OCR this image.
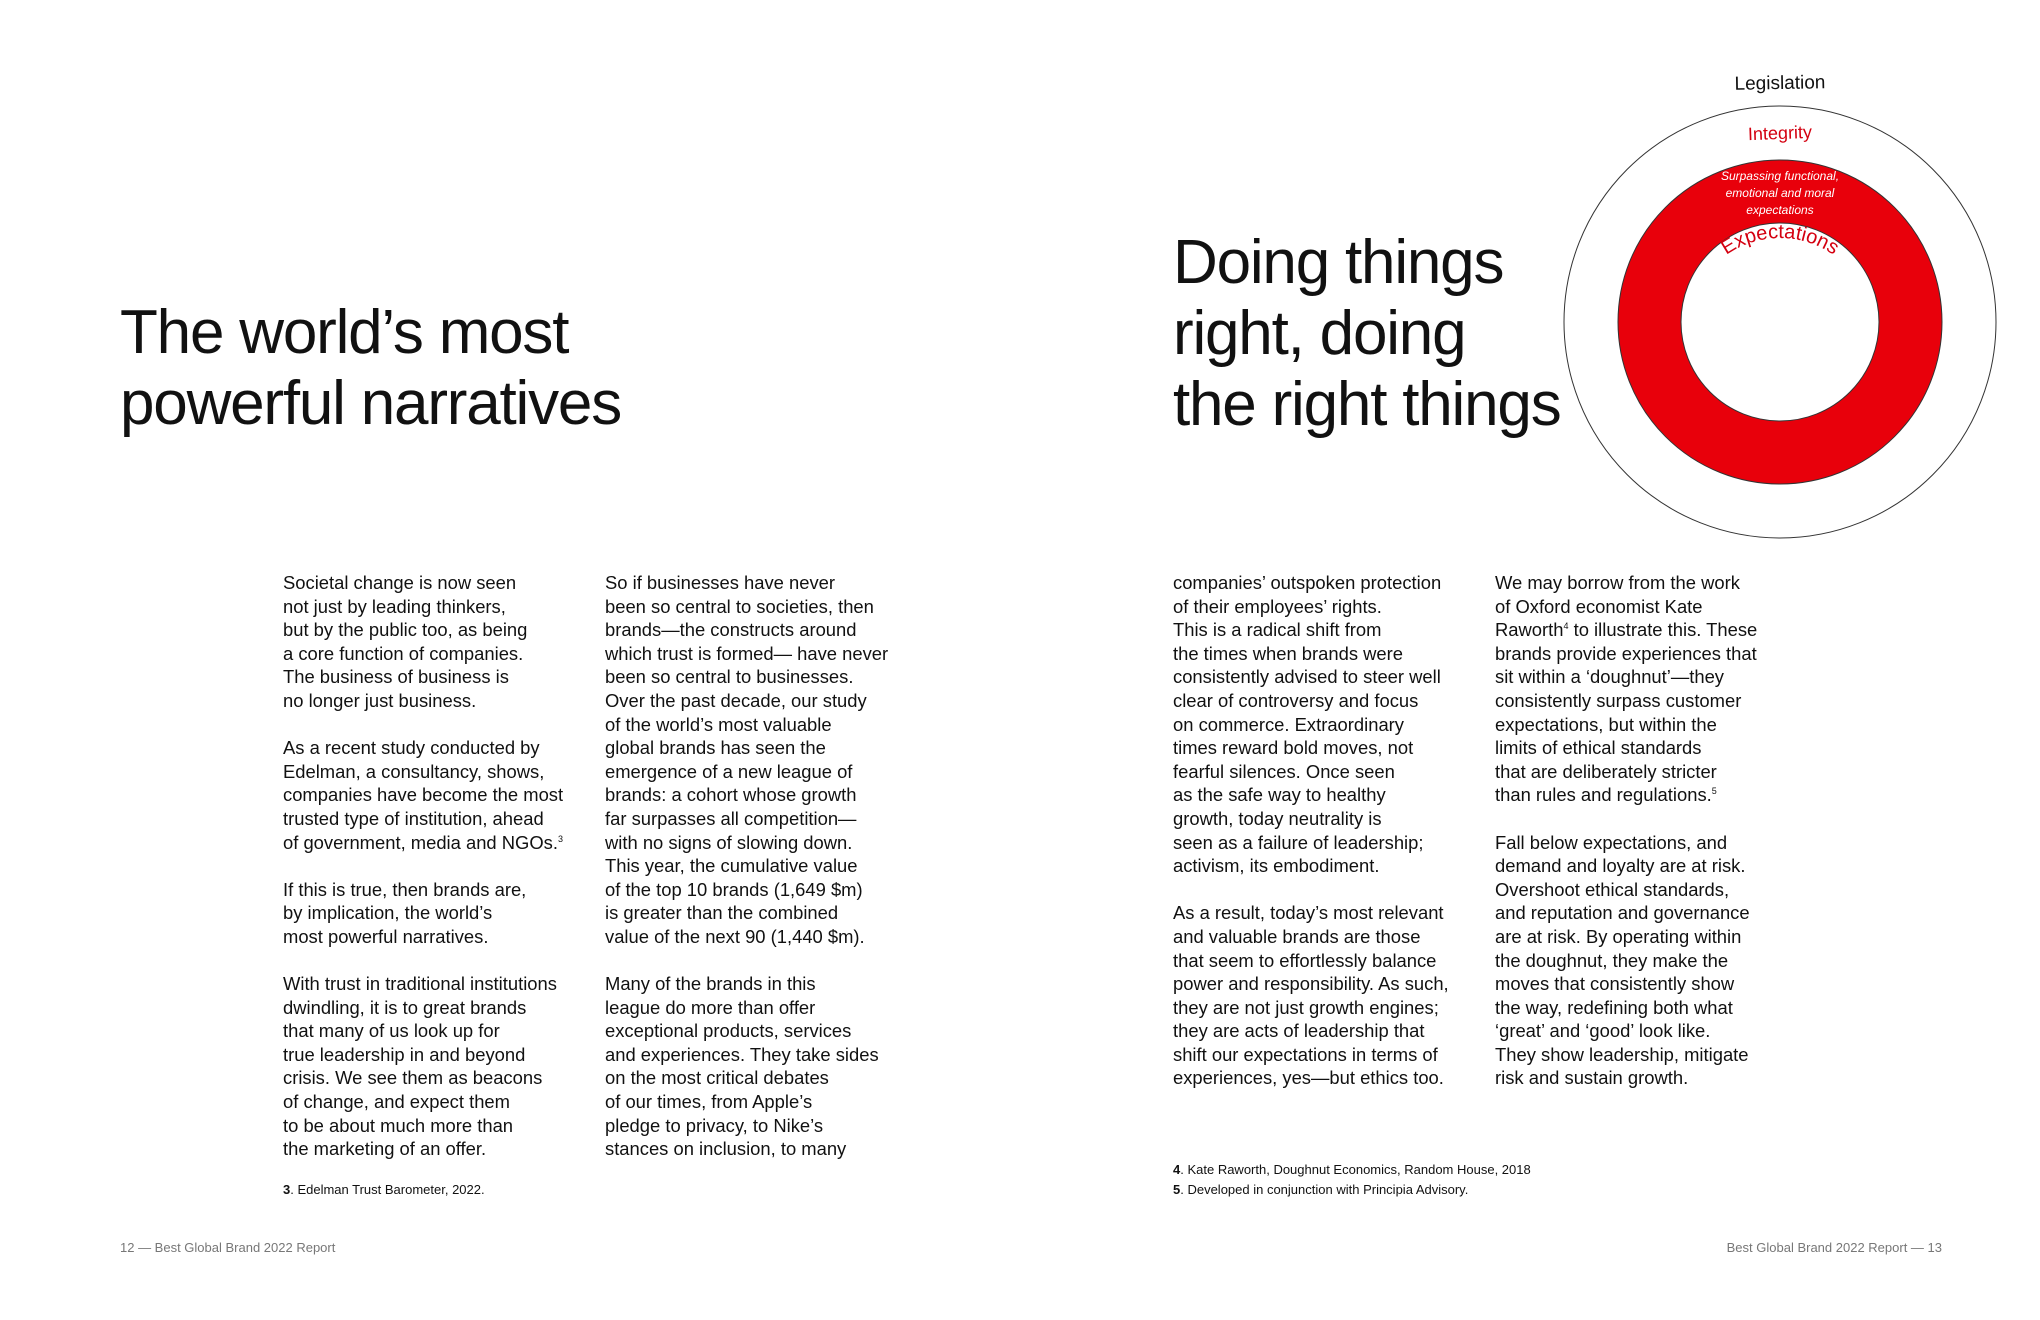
The world’s most
powerful narratives

Societal change is now seen
not just by leading thinkers,
but by the public too, as being
a core function of companies.
The business of business is
no longer just business.

As a recent study conducted by
Edelman, a consultancy, shows,
companies have become the most
trusted type of institution, ahead
of government, media and NGOs.$^3$

If this is true, then brands are,
by implication, the world’s
most powerful narratives.

With trust in traditional institutions
dwindling, it is to great brands
that many of us look up for
true leadership in and beyond
crisis. We see them as beacons
of change, and expect them
to be about much more than
the marketing of an offer.

So if businesses have never
been so central to societies, then
brands—the constructs around
which trust is formed— have never
been so central to businesses.
Over the past decade, our study
of the world’s most valuable
global brands has seen the
emergence of a new league of
brands: a cohort whose growth
far surpasses all competition—
with no signs of slowing down.
This year, the cumulative value
of the top 10 brands (1,649 $m)
is greater than the combined
value of the next 90 (1,440 $m).

Many of the brands in this
league do more than offer
exceptional products, services
and experiences. They take sides
on the most critical debates
of our times, from Apple’s
pledge to privacy, to Nike’s
stances on inclusion, to many

3. Edelman Trust Barometer, 2022.
12 — Best Global Brand 2022 Report
Doing things
right, doing
the right things

companies’ outspoken protection
of their employees’ rights.
This is a radical shift from
the times when brands were
consistently advised to steer well
clear of controversy and focus
on commerce. Extraordinary
times reward bold moves, not
fearful silences. Once seen
as the safe way to healthy
growth, today neutrality is
seen as a failure of leadership;
activism, its embodiment.

As a result, today’s most relevant
and valuable brands are those
that seem to effortlessly balance
power and responsibility. As such,
they are not just growth engines;
they are acts of leadership that
shift our expectations in terms of
experiences, yes—but ethics too.

We may borrow from the work
of Oxford economist Kate
Raworth$^4$ to illustrate this. These
brands provide experiences that
sit within a ‘doughnut’—they
consistently surpass customer
expectations, but within the
limits of ethical standards
that are deliberately stricter
than rules and regulations.$^5$

Fall below expectations, and
demand and loyalty are at risk.
Overshoot ethical standards,
and reputation and governance
are at risk. By operating within
the doughnut, they make the
moves that consistently show
the way, redefining both what
‘great’ and ‘good’ look like.
They show leadership, mitigate
risk and sustain growth.

4. Kate Raworth, Doughnut Economics, Random House, 2018
5. Developed in conjunction with Principia Advisory.
Best Global Brand 2022 Report — 13
Legislation
Integrity
Surpassing functional,
emotional and moral
expectations
Expectations
